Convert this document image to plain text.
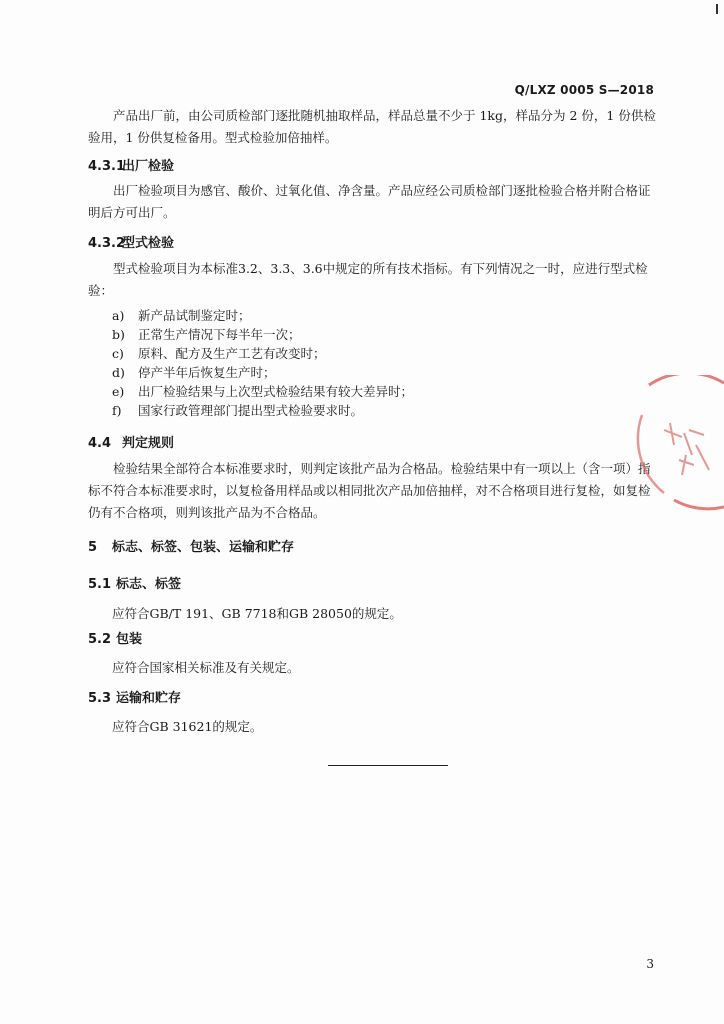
Q/LXZ 0005 S—2018

产品出厂前，由公司质检部门逐批随机抽取样品，样品总量不少于 1kg，样品分为 2 份，1 份供检验用，1 份供复检备用。型式检验加倍抽样。

4.3.1出厂检验

出厂检验项目为感官、酸价、过氧化值、净含量。产品应经公司质检部门逐批检验合格并附合格证明后方可出厂。

4.3.2型式检验

型式检验项目为本标准3.2、3.3、3.6中规定的所有技术指标。有下列情况之一时，应进行型式检验：

a) 新产品试制鉴定时；

b) 正常生产情况下每半年一次；

c) 原料、配方及生产工艺有改变时；

d) 停产半年后恢复生产时；

e) 出厂检验结果与上次型式检验结果有较大差异时；

f) 国家行政管理部门提出型式检验要求时。

4.4 判定规则

检验结果全部符合本标准要求时，则判定该批产品为合格品。检验结果中有一项以上（含一项）指标不符合本标准要求时，以复检备用样品或以相同批次产品加倍抽样，对不合格项目进行复检，如复检仍有不合格项，则判该批产品为不合格品。

5 标志、标签、包装、运输和贮存
5.1 标志、标签

应符合GB/T 191、GB 7718和GB 28050的规定。

5.2 包装

应符合国家相关标准及有关规定。

5.3 运输和贮存

应符合GB 31621的规定。

3
